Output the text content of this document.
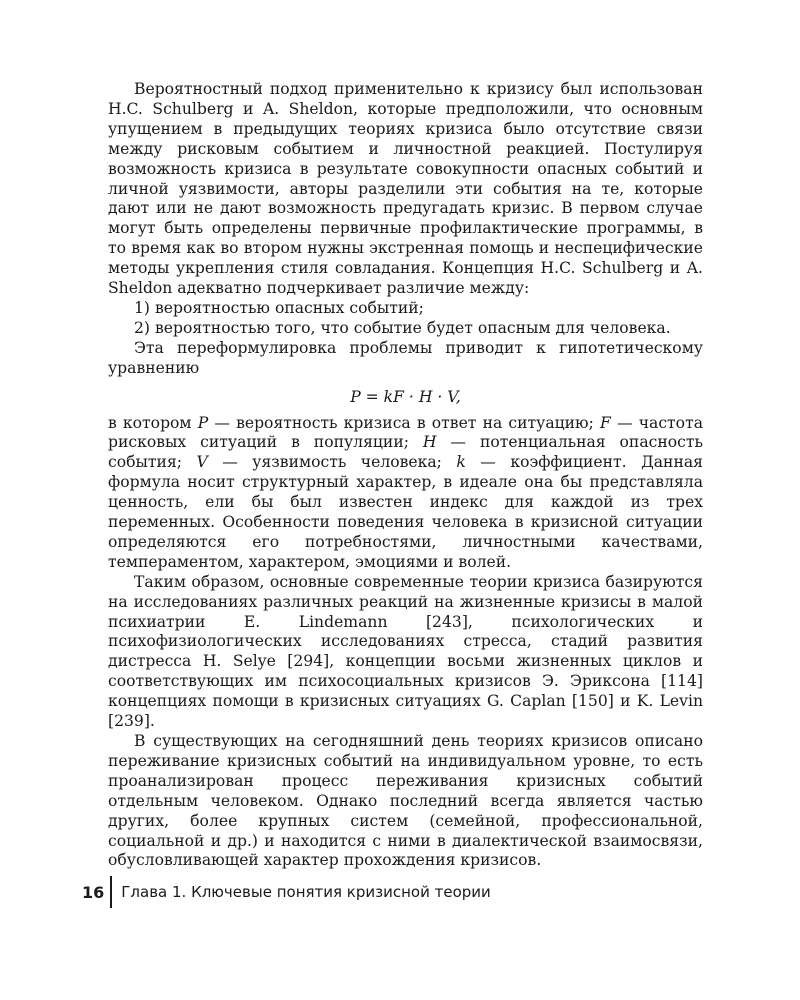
Вероятностный подход применительно к кризису был использован H.C. Schulberg и A. Sheldon, которые предположили, что основным упущением в предыдущих теориях кризиса было отсутствие связи между рисковым событием и личностной реакцией. Постулируя возможность кризиса в результате совокупности опасных событий и личной уязвимости, авторы разделили эти события на те, которые дают или не дают возможность предугадать кризис. В первом случае могут быть определены первичные профилактические программы, в то время как во втором нужны экстренная помощь и неспецифические методы укрепления стиля совладания. Концепция H.C. Schulberg и A. Sheldon адекватно подчеркивает различие между:

1) вероятностью опасных событий;

2) вероятностью того, что событие будет опасным для человека.

Эта переформулировка проблемы приводит к гипотетическому уравнению

P = kF · H · V,

в котором P — вероятность кризиса в ответ на ситуацию; F — частота рисковых ситуаций в популяции; H — потенциальная опасность события; V — уязвимость человека; k — коэффициент. Данная формула носит структурный характер, в идеале она бы представляла ценность, ели бы был известен индекс для каждой из трех переменных. Особенности поведения человека в кризисной ситуации определяются его потребностями, личностными качествами, темпераментом, характером, эмоциями и волей.

Таким образом, основные современные теории кризиса базируются на исследованиях различных реакций на жизненные кризисы в малой психиатрии E. Lindemann [243], психологических и психофизиологических исследованиях стресса, стадий развития дистресса H. Selye [294], концепции восьми жизненных циклов и соответствующих им психосоциальных кризисов Э. Эриксона [114] концепциях помощи в кризисных ситуациях G. Caplan [150] и K. Levin [239].

В существующих на сегодняшний день теориях кризисов описано переживание кризисных событий на индивидуальном уровне, то есть проанализирован процесс переживания кризисных событий отдельным человеком. Однако последний всегда является частью других, более крупных систем (семейной, профессиональной, социальной и др.) и находится с ними в диалектической взаимосвязи, обусловливающей характер прохождения кризисов.

16 Глава 1. Ключевые понятия кризисной теории
